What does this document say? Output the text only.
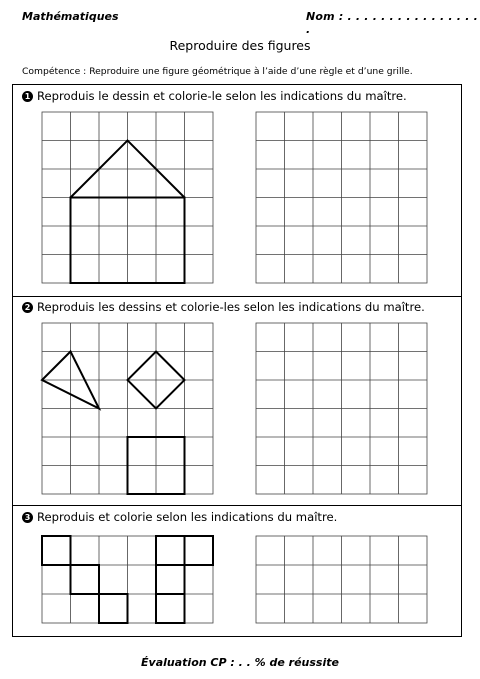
Mathématiques	Nom : . . . . . . . . . . . . . . . . .
Reproduire des figures
Compétence : Reproduire une figure géométrique à l’aide d’une règle et d’une grille.
1 Reproduis le dessin et colorie-le selon les indications du maître.
2 Reproduis les dessins et colorie-les selon les indications du maître.
3 Reproduis et colorie selon les indications du maître.
Évaluation CP : . . % de réussite
